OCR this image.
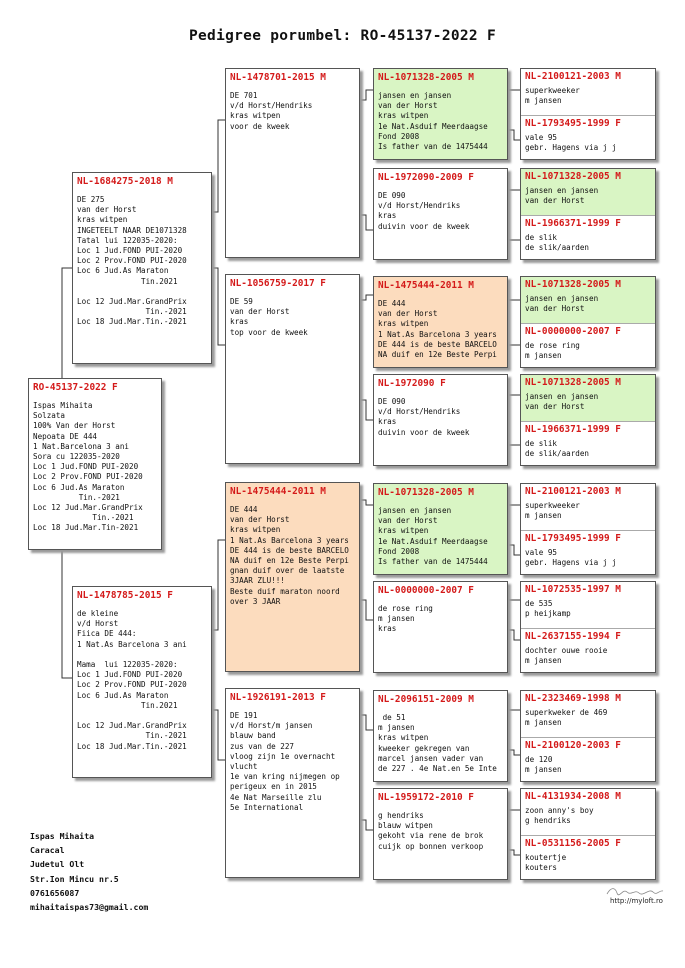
Pedigree porumbel: RO-45137-2022 F
RO-45137-2022 F
Ispas Mihaita
Solzata
100% Van der Horst
Nepoata DE 444
1 Nat.Barcelona 3 ani
Sora cu 122035-2020
Loc 1 Jud.FOND PUI-2020
Loc 2 Prov.FOND PUI-2020
Loc 6 Jud.As Maraton
Tin.-2021
Loc 12 Jud.Mar.GrandPrix
Tin.-2021
Loc 18 Jud.Mar.Tin-2021
NL-1684275-2018 M
DE 275
van der Horst
kras witpen
INGETEELT NAAR DE1071328
Tatal lui 122035-2020:
Loc 1 Jud.FOND PUI-2020
Loc 2 Prov.FOND PUI-2020
Loc 6 Jud.As Maraton
Tin.2021

Loc 12 Jud.Mar.GrandPrix
Tin.-2021
Loc 18 Jud.Mar.Tin.-2021
NL-1478785-2015 F
de kleine
v/d Horst
Fiica DE 444:
1 Nat.As Barcelona 3 ani

Mama  lui 122035-2020:
Loc 1 Jud.FOND PUI-2020
Loc 2 Prov.FOND PUI-2020
Loc 6 Jud.As Maraton
Tin.2021

Loc 12 Jud.Mar.GrandPrix
Tin.-2021
Loc 18 Jud.Mar.Tin.-2021
NL-1478701-2015 M
DE 701
v/d Horst/Hendriks
kras witpen
voor de kweek
NL-1056759-2017 F
DE 59
van der Horst
kras
top voor de kweek
NL-1475444-2011 M
DE 444
van der Horst
kras witpen
1 Nat.As Barcelona 3 years
DE 444 is de beste BARCELO
NA duif en 12e Beste Perpi
gnan duif over de laatste
3JAAR ZLU!!!
Beste duif maraton noord
over 3 JAAR
NL-1926191-2013 F
DE 191
v/d Horst/m jansen
blauw band
zus van de 227
vloog zijn 1e overnacht
vlucht
1e van kring nijmegen op
perigeux en in 2015
4e Nat Marseille zlu
5e International
NL-1071328-2005 M
jansen en jansen
van der Horst
kras witpen
1e Nat.Asduif Meerdaagse
Fond 2008
Is father van de 1475444
NL-1972090-2009 F
DE 090
v/d Horst/Hendriks
kras
duivin voor de kweek
NL-1475444-2011 M
DE 444
van der Horst
kras witpen
1 Nat.As Barcelona 3 years
DE 444 is de beste BARCELO
NA duif en 12e Beste Perpi
NL-1972090 F
DE 090
v/d Horst/Hendriks
kras
duivin voor de kweek
NL-1071328-2005 M
jansen en jansen
van der Horst
kras witpen
1e Nat.Asduif Meerdaagse
Fond 2008
Is father van de 1475444
NL-0000000-2007 F
de rose ring
m jansen
kras
NL-2096151-2009 M
de 51
m jansen
kras witpen
kweeker gekregen van
marcel jansen vader van
de 227 . 4e Nat.en 5e Inte
NL-1959172-2010 F
g hendriks
blauw witpen
gekoht via rene de brok
cuijk op bonnen verkoop
NL-2100121-2003 M
superkweeker
m jansen
NL-1793495-1999 F
vale 95
gebr. Hagens via j j
NL-1071328-2005 M
jansen en jansen
van der Horst
NL-1966371-1999 F
de slik
de slik/aarden
NL-1071328-2005 M
jansen en jansen
van der Horst
NL-0000000-2007 F
de rose ring
m jansen
NL-1071328-2005 M
jansen en jansen
van der Horst
NL-1966371-1999 F
de slik
de slik/aarden
NL-2100121-2003 M
superkweeker
m jansen
NL-1793495-1999 F
vale 95
gebr. Hagens via j j
NL-1072535-1997 M
de 535
p heijkamp
NL-2637155-1994 F
dochter ouwe rooie
m jansen
NL-2323469-1998 M
superkweker de 469
m jansen
NL-2100120-2003 F
de 120
m jansen
NL-4131934-2008 M
zoon anny's boy
g hendriks
NL-0531156-2005 F
koutertje
kouters
Ispas Mihaita
Caracal
Judetul Olt
Str.Ion Mincu nr.5
0761656087
mihaitaispas73@gmail.com
http://myloft.ro
